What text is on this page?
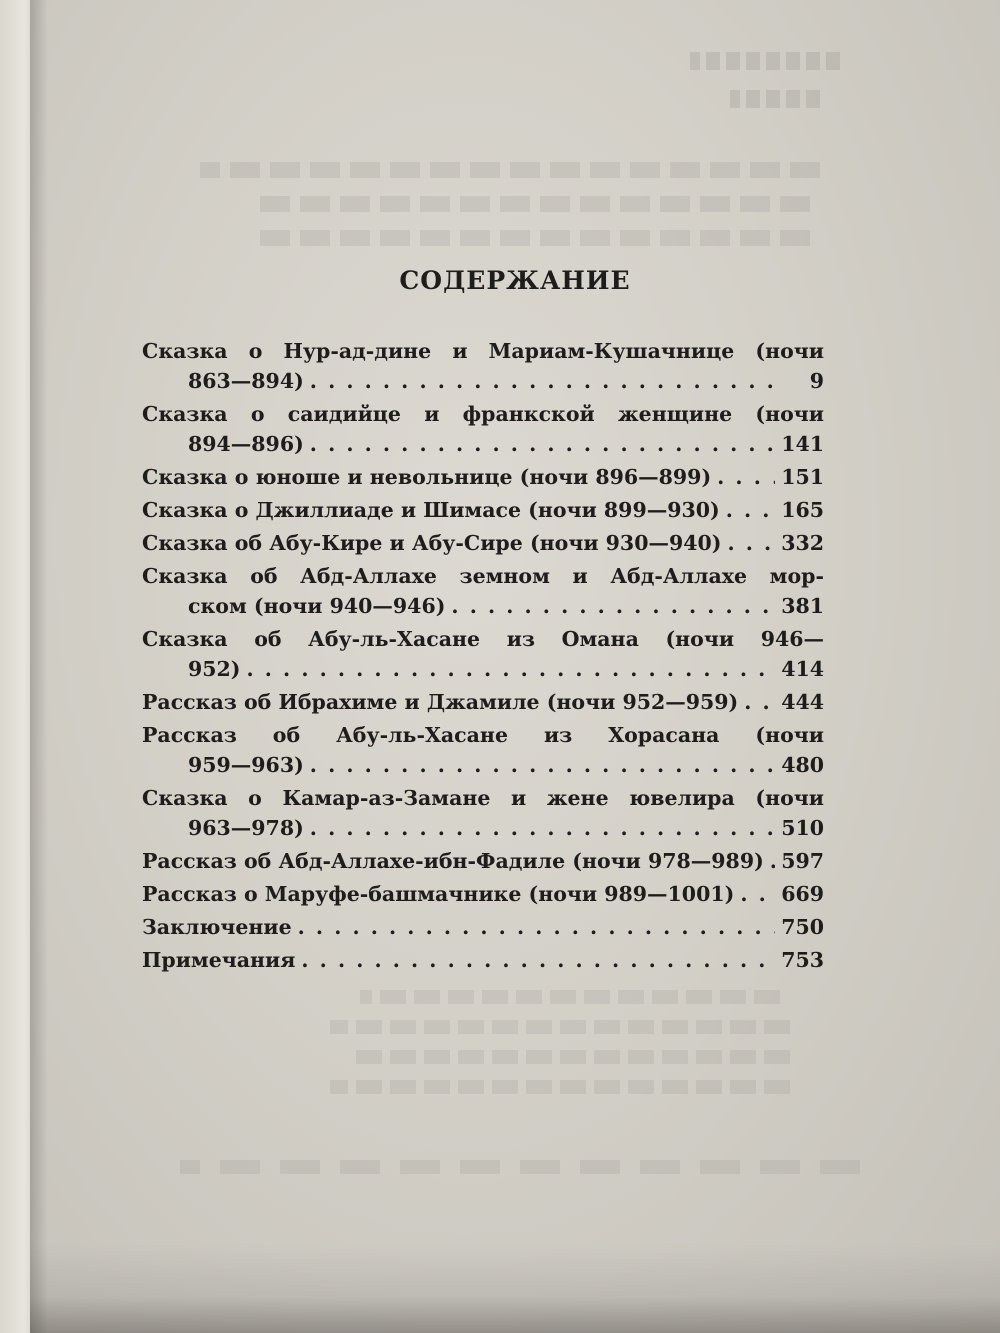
СОДЕРЖАНИЕ
Сказка о Нур-ад-дине и Мариам-Кушачнице (ночи
863—894) . . .	9
Сказка о саидийце и франкской женщине (ночи
894—896) . . .	141
Сказка о юноше и невольнице (ночи 896—899) . . .	151
Сказка о Джиллиаде и Шимасе (ночи 899—930) . . .	165
Сказка об Абу-Кире и Абу-Сире (ночи 930—940) . . .	332
Сказка об Абд-Аллахе земном и Абд-Аллахе мор-
ском (ночи 940—946) . . .	381
Сказка об Абу-ль-Хасане из Омана (ночи 946—
952) . . .	414
Рассказ об Ибрахиме и Джамиле (ночи 952—959) . . . 444
Рассказ об Абу-ль-Хасане из Хорасана (ночи
959—963) . . .	480
Сказка о Камар-аз-Замане и жене ювелира (ночи
963—978) . . .	510
Рассказ об Абд-Аллахе-ибн-Фадиле (ночи 978—989) . . . 597
Рассказ о Маруфе-башмачнике (ночи 989—1001) . . . 669
Заключение . . .	750
Примечания . . .	753
